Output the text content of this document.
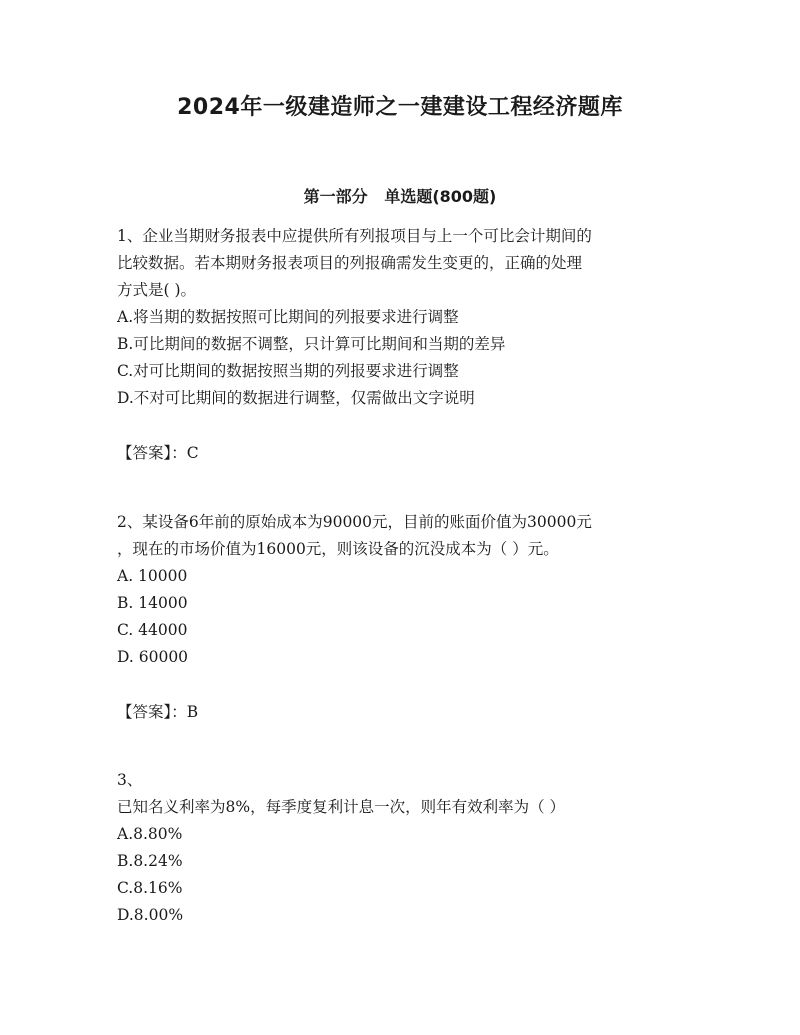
2024年一级建造师之一建建设工程经济题库
第一部分   单选题(800题)

1、企业当期财务报表中应提供所有列报项目与上一个可比会计期间的

比较数据。若本期财务报表项目的列报确需发生变更的，正确的处理

方式是( )。

A.将当期的数据按照可比期间的列报要求进行调整

B.可比期间的数据不调整，只计算可比期间和当期的差异

C.对可比期间的数据按照当期的列报要求进行调整

D.不对可比期间的数据进行调整，仅需做出文字说明

【答案】：C

2、某设备6年前的原始成本为90000元，目前的账面价值为30000元

，现在的市场价值为16000元，则该设备的沉没成本为（ ）元。

A. 10000

B. 14000

C. 44000

D. 60000

【答案】：B

3、

已知名义利率为8%，每季度复利计息一次，则年有效利率为（ ）

A.8.80%

B.8.24%

C.8.16%

D.8.00%
